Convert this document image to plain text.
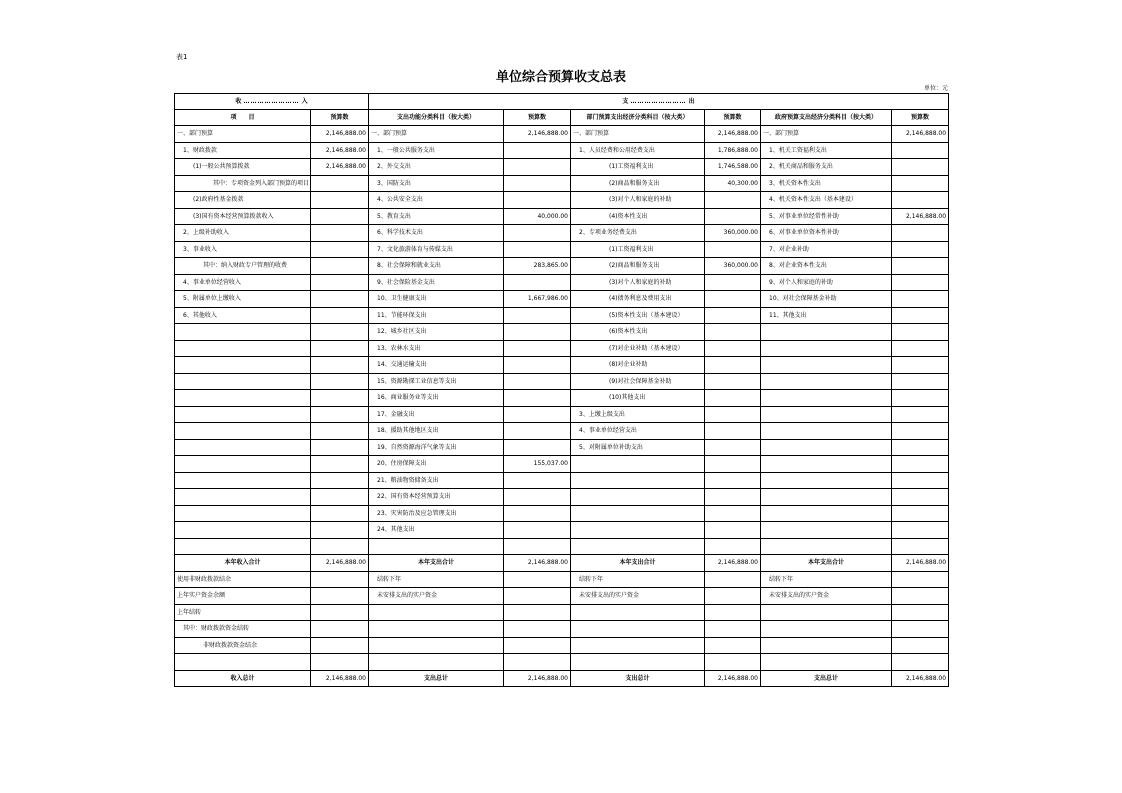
表1
单位综合预算收支总表
单位：元
收 …………………… 入		支 …………………… 出					
项　　目	预算数	支出功能分类科目（按大类）	预算数	部门预算支出经济分类科目（按大类）	预算数	政府预算支出经济分类科目（按大类）	预算数
一、部门预算	2,146,888.00	一、部门预算	2,146,888.00	一、部门预算	2,146,888.00	一、部门预算	2,146,888.00
1、财政拨款	2,146,888.00	1、一般公共服务支出		1、人员经费和公用经费支出	1,786,888.00	1、机关工资福利支出	
(1)一般公共预算拨款	2,146,888.00	2、外交支出		(1)工资福利支出	1,746,588.00	2、机关商品和服务支出	
其中：专项资金列入部门预算的项目		3、国防支出		(2)商品和服务支出	40,300.00	3、机关资本性支出	
(2)政府性基金拨款		4、公共安全支出		(3)对个人和家庭的补助		4、机关资本性支出（基本建设）	
(3)国有资本经营预算拨款收入		5、教育支出	40,000.00	(4)资本性支出		5、对事业单位经常性补助	2,146,888.00
2、上级补助收入		6、科学技术支出		2、专项业务经费支出	360,000.00	6、对事业单位资本性补助	
3、事业收入		7、文化旅游体育与传媒支出		(1)工资福利支出		7、对企业补助	
其中：纳入财政专户管理的收费		8、社会保障和就业支出	283,865.00	(2)商品和服务支出	360,000.00	8、对企业资本性支出	
4、事业单位经营收入		9、社会保险基金支出		(3)对个人和家庭的补助		9、对个人和家庭的补助	
5、附属单位上缴收入		10、卫生健康支出	1,667,986.00	(4)债务利息及费用支出		10、对社会保障基金补助	
6、其他收入		11、节能环保支出		(5)资本性支出（基本建设）		11、其他支出	
		12、城乡社区支出		(6)资本性支出			
		13、农林水支出		(7)对企业补助（基本建设）			
		14、交通运输支出		(8)对企业补助			
		15、资源勘探工业信息等支出		(9)对社会保障基金补助			
		16、商业服务业等支出		(10)其他支出			
		17、金融支出		3、上缴上级支出			
		18、援助其他地区支出		4、事业单位经营支出			
		19、自然资源海洋气象等支出		5、对附属单位补助支出			
		20、住房保障支出	155,037.00				
		21、粮油物资储备支出					
		22、国有资本经营预算支出					
		23、灾害防治及应急管理支出					
		24、其他支出					

本年收入合计	2,146,888.00	本年支出合计	2,146,888.00	本年支出合计	2,146,888.00	本年支出合计	2,146,888.00
使用非财政拨款结余		结转下年		结转下年		结转下年	
上年实户资金余额		未安排支出的实户资金		未安排支出的实户资金		未安排支出的实户资金	
上年结转							
其中：财政拨款资金结转							
非财政拨款资金结余							

收入总计	2,146,888.00	支出总计	2,146,888.00	支出总计	2,146,888.00	支出总计	2,146,888.00
